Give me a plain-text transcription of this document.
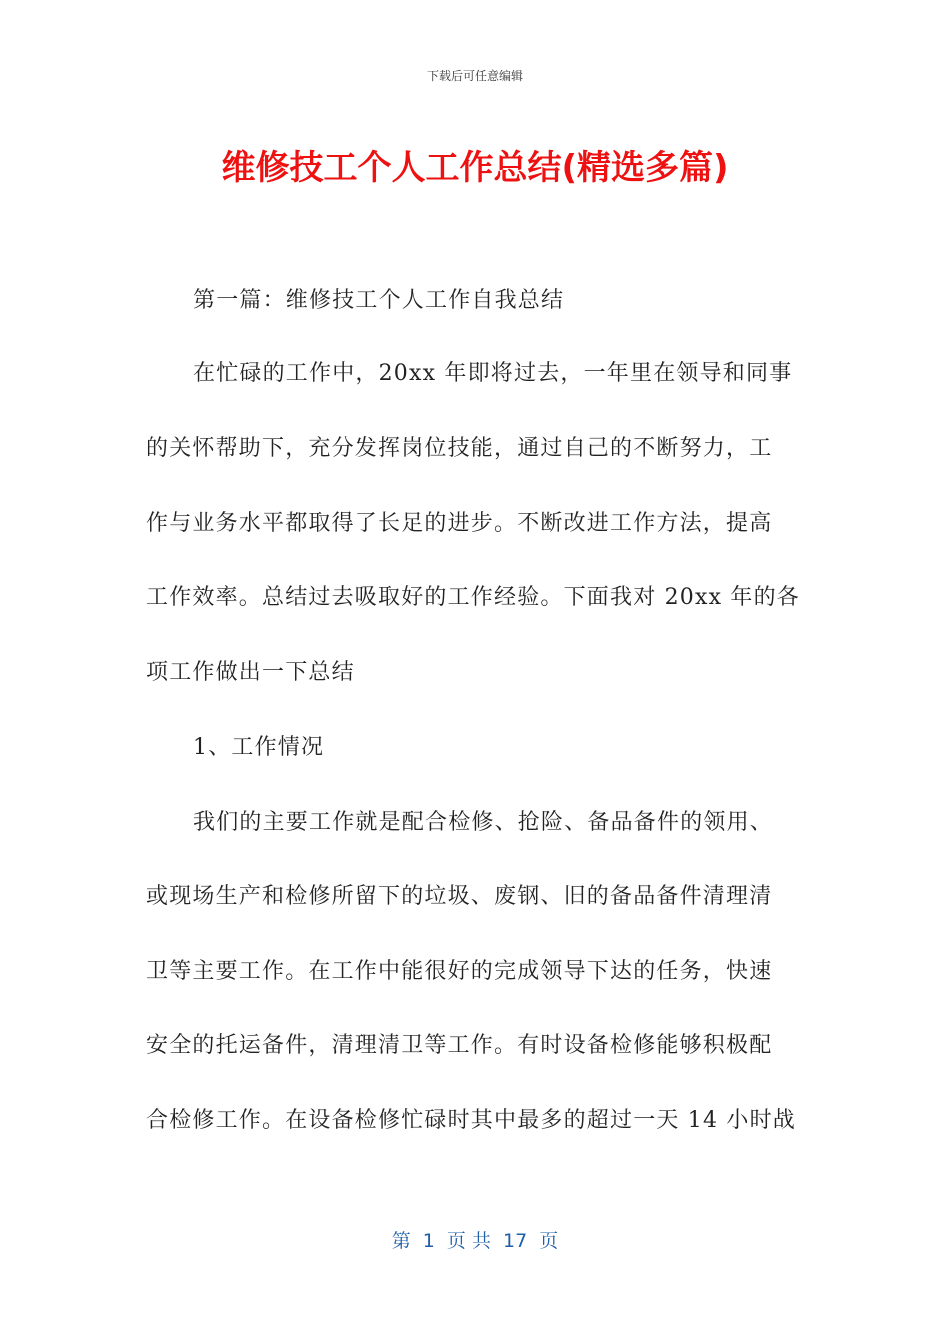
下载后可任意编辑
维修技工个人工作总结(精选多篇)
第一篇：维修技工个人工作自我总结
在忙碌的工作中，20xx 年即将过去，一年里在领导和同事
的关怀帮助下，充分发挥岗位技能，通过自己的不断努力，工
作与业务水平都取得了长足的进步。不断改进工作方法，提高
工作效率。总结过去吸取好的工作经验。下面我对 20xx 年的各
项工作做出一下总结
1、工作情况
我们的主要工作就是配合检修、抢险、备品备件的领用、
或现场生产和检修所留下的垃圾、废钢、旧的备品备件清理清
卫等主要工作。在工作中能很好的完成领导下达的任务，快速
安全的托运备件，清理清卫等工作。有时设备检修能够积极配
合检修工作。在设备检修忙碌时其中最多的超过一天 14 小时战
第  1  页 共  17  页
